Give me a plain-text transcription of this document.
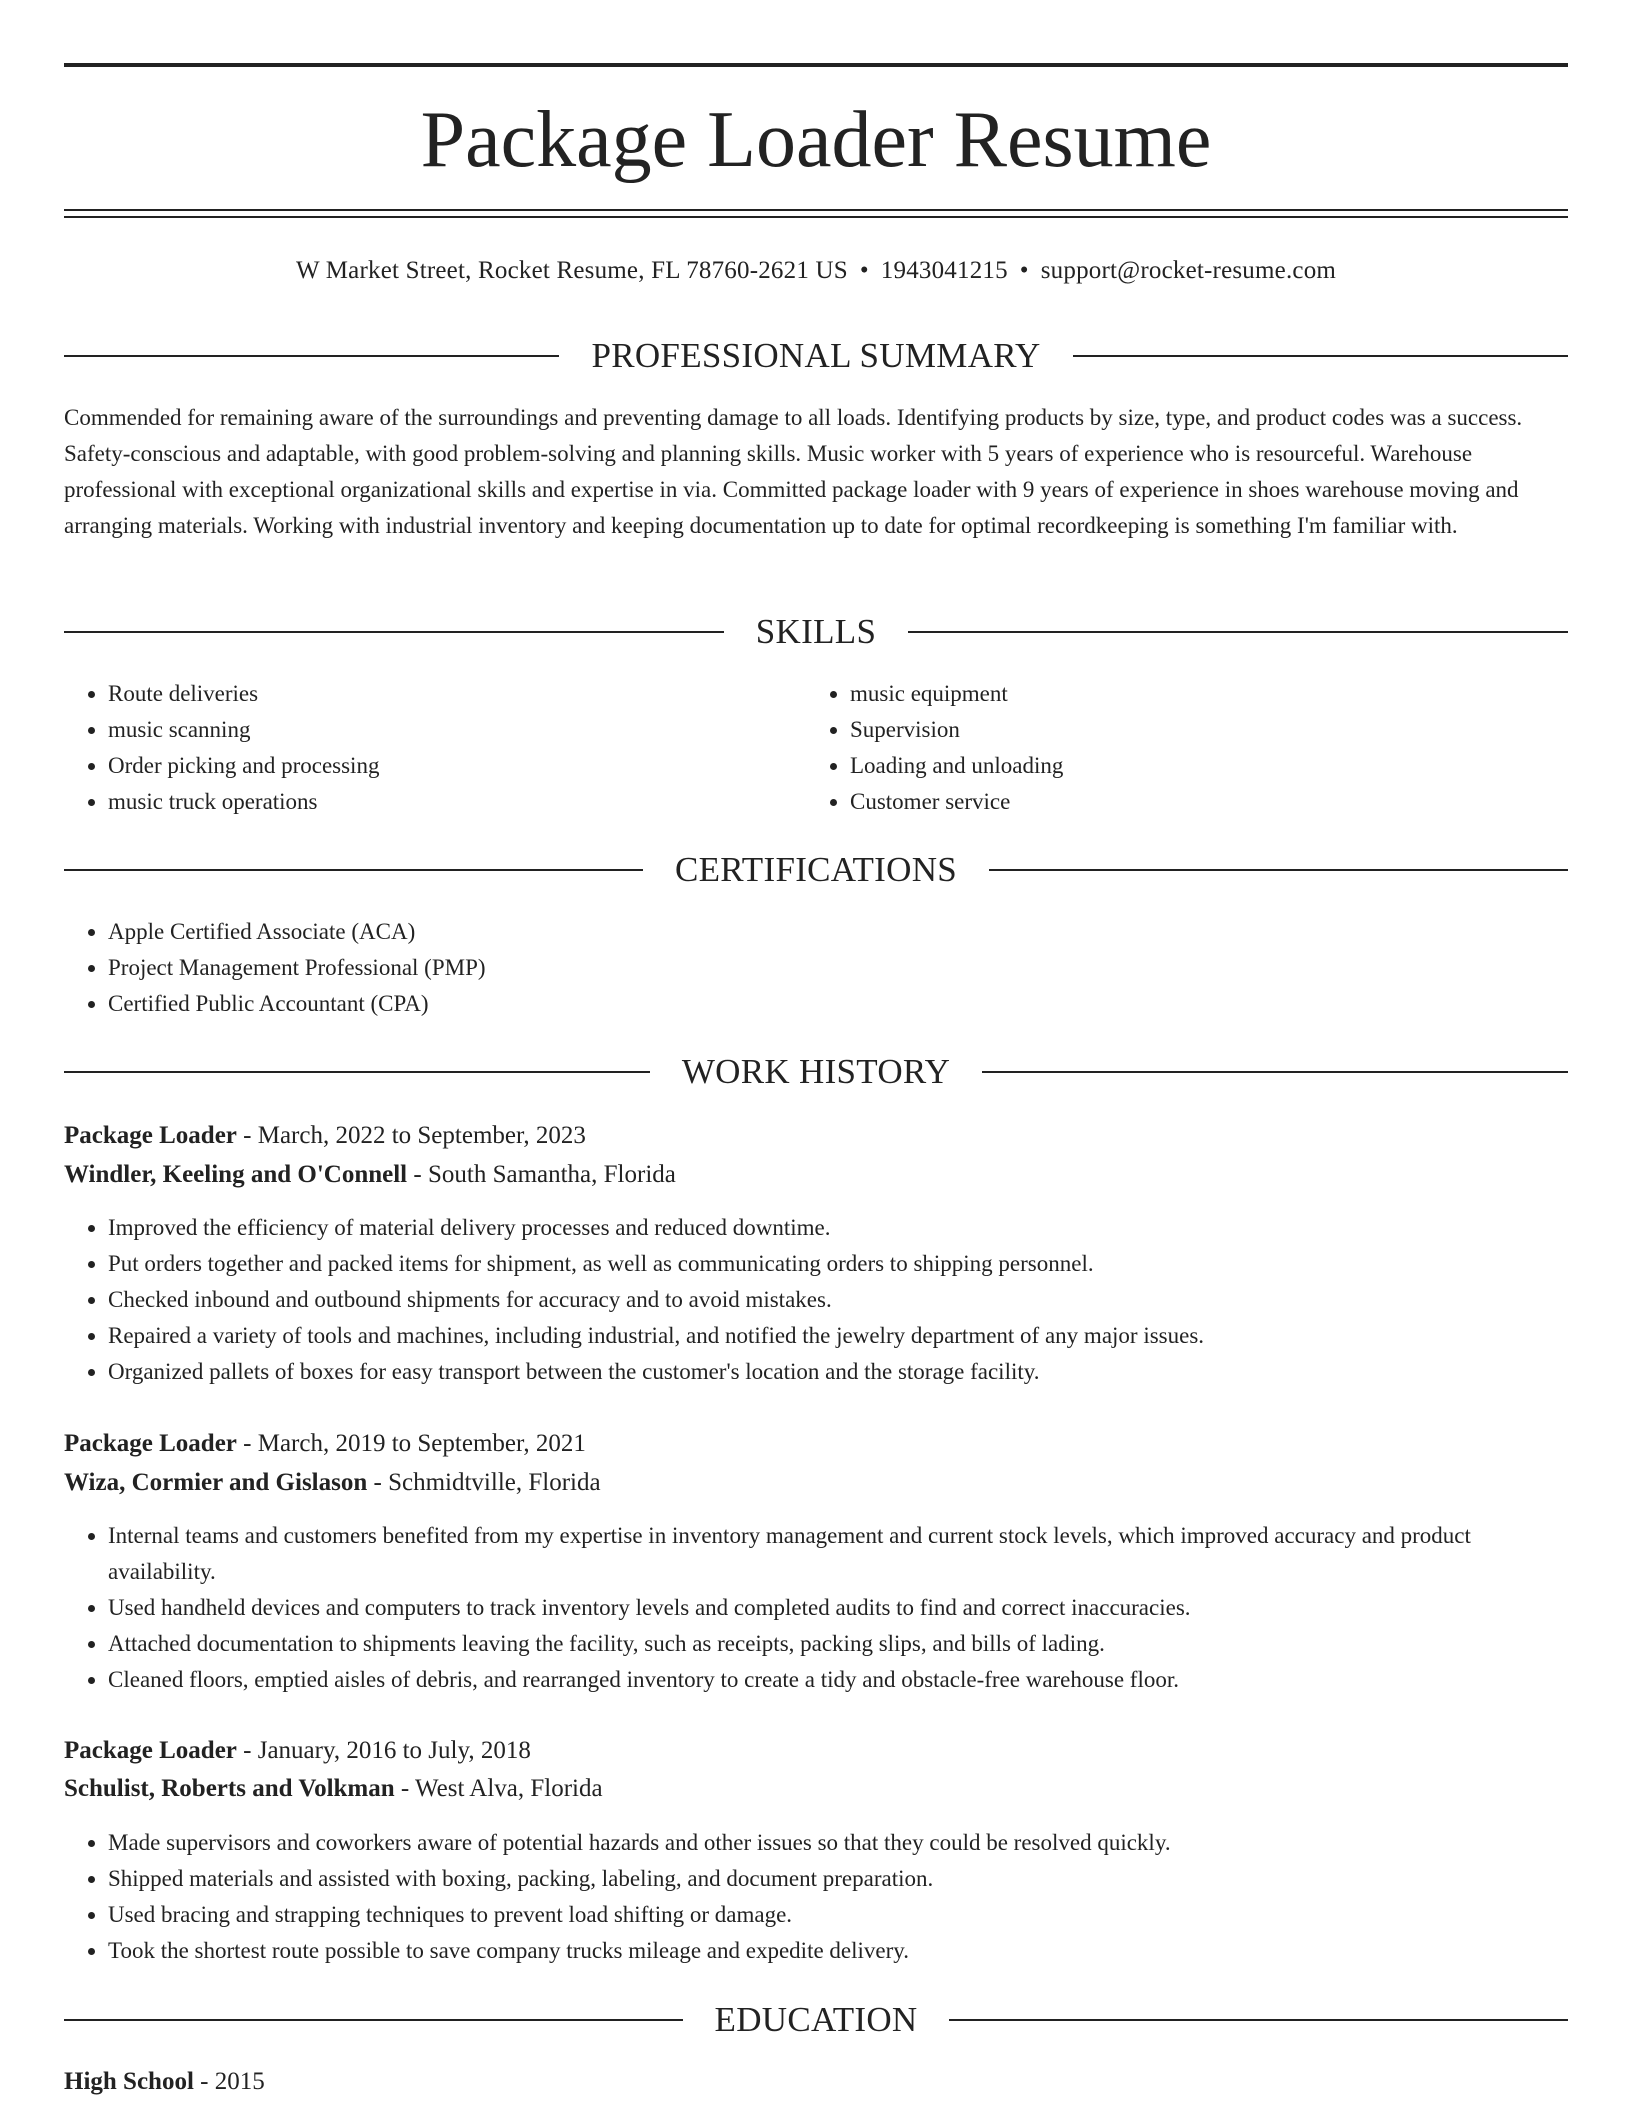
Package Loader Resume
W Market Street, Rocket Resume, FL 78760-2621 US • 1943041215 • support@rocket-resume.com
PROFESSIONAL SUMMARY

Commended for remaining aware of the surroundings and preventing damage to all loads. Identifying products by size, type, and product codes was a success. Safety-conscious and adaptable, with good problem-solving and planning skills. Music worker with 5 years of experience who is resourceful. Warehouse professional with exceptional organizational skills and expertise in via. Committed package loader with 9 years of experience in shoes warehouse moving and arranging materials. Working with industrial inventory and keeping documentation up to date for optimal recordkeeping is something I'm familiar with.

SKILLS
• Route deliveries
• music scanning
• Order picking and processing
• music truck operations
• music equipment
• Supervision
• Loading and unloading
• Customer service
CERTIFICATIONS
• Apple Certified Associate (ACA)
• Project Management Professional (PMP)
• Certified Public Accountant (CPA)
WORK HISTORY
Package Loader - March, 2022 to September, 2023
Windler, Keeling and O'Connell - South Samantha, Florida
• Improved the efficiency of material delivery processes and reduced downtime.
• Put orders together and packed items for shipment, as well as communicating orders to shipping personnel.
• Checked inbound and outbound shipments for accuracy and to avoid mistakes.
• Repaired a variety of tools and machines, including industrial, and notified the jewelry department of any major issues.
• Organized pallets of boxes for easy transport between the customer's location and the storage facility.
Package Loader - March, 2019 to September, 2021
Wiza, Cormier and Gislason - Schmidtville, Florida
• Internal teams and customers benefited from my expertise in inventory management and current stock levels, which improved accuracy and product availability.
• Used handheld devices and computers to track inventory levels and completed audits to find and correct inaccuracies.
• Attached documentation to shipments leaving the facility, such as receipts, packing slips, and bills of lading.
• Cleaned floors, emptied aisles of debris, and rearranged inventory to create a tidy and obstacle-free warehouse floor.
Package Loader - January, 2016 to July, 2018
Schulist, Roberts and Volkman - West Alva, Florida
• Made supervisors and coworkers aware of potential hazards and other issues so that they could be resolved quickly.
• Shipped materials and assisted with boxing, packing, labeling, and document preparation.
• Used bracing and strapping techniques to prevent load shifting or damage.
• Took the shortest route possible to save company trucks mileage and expedite delivery.
EDUCATION
High School - 2015
